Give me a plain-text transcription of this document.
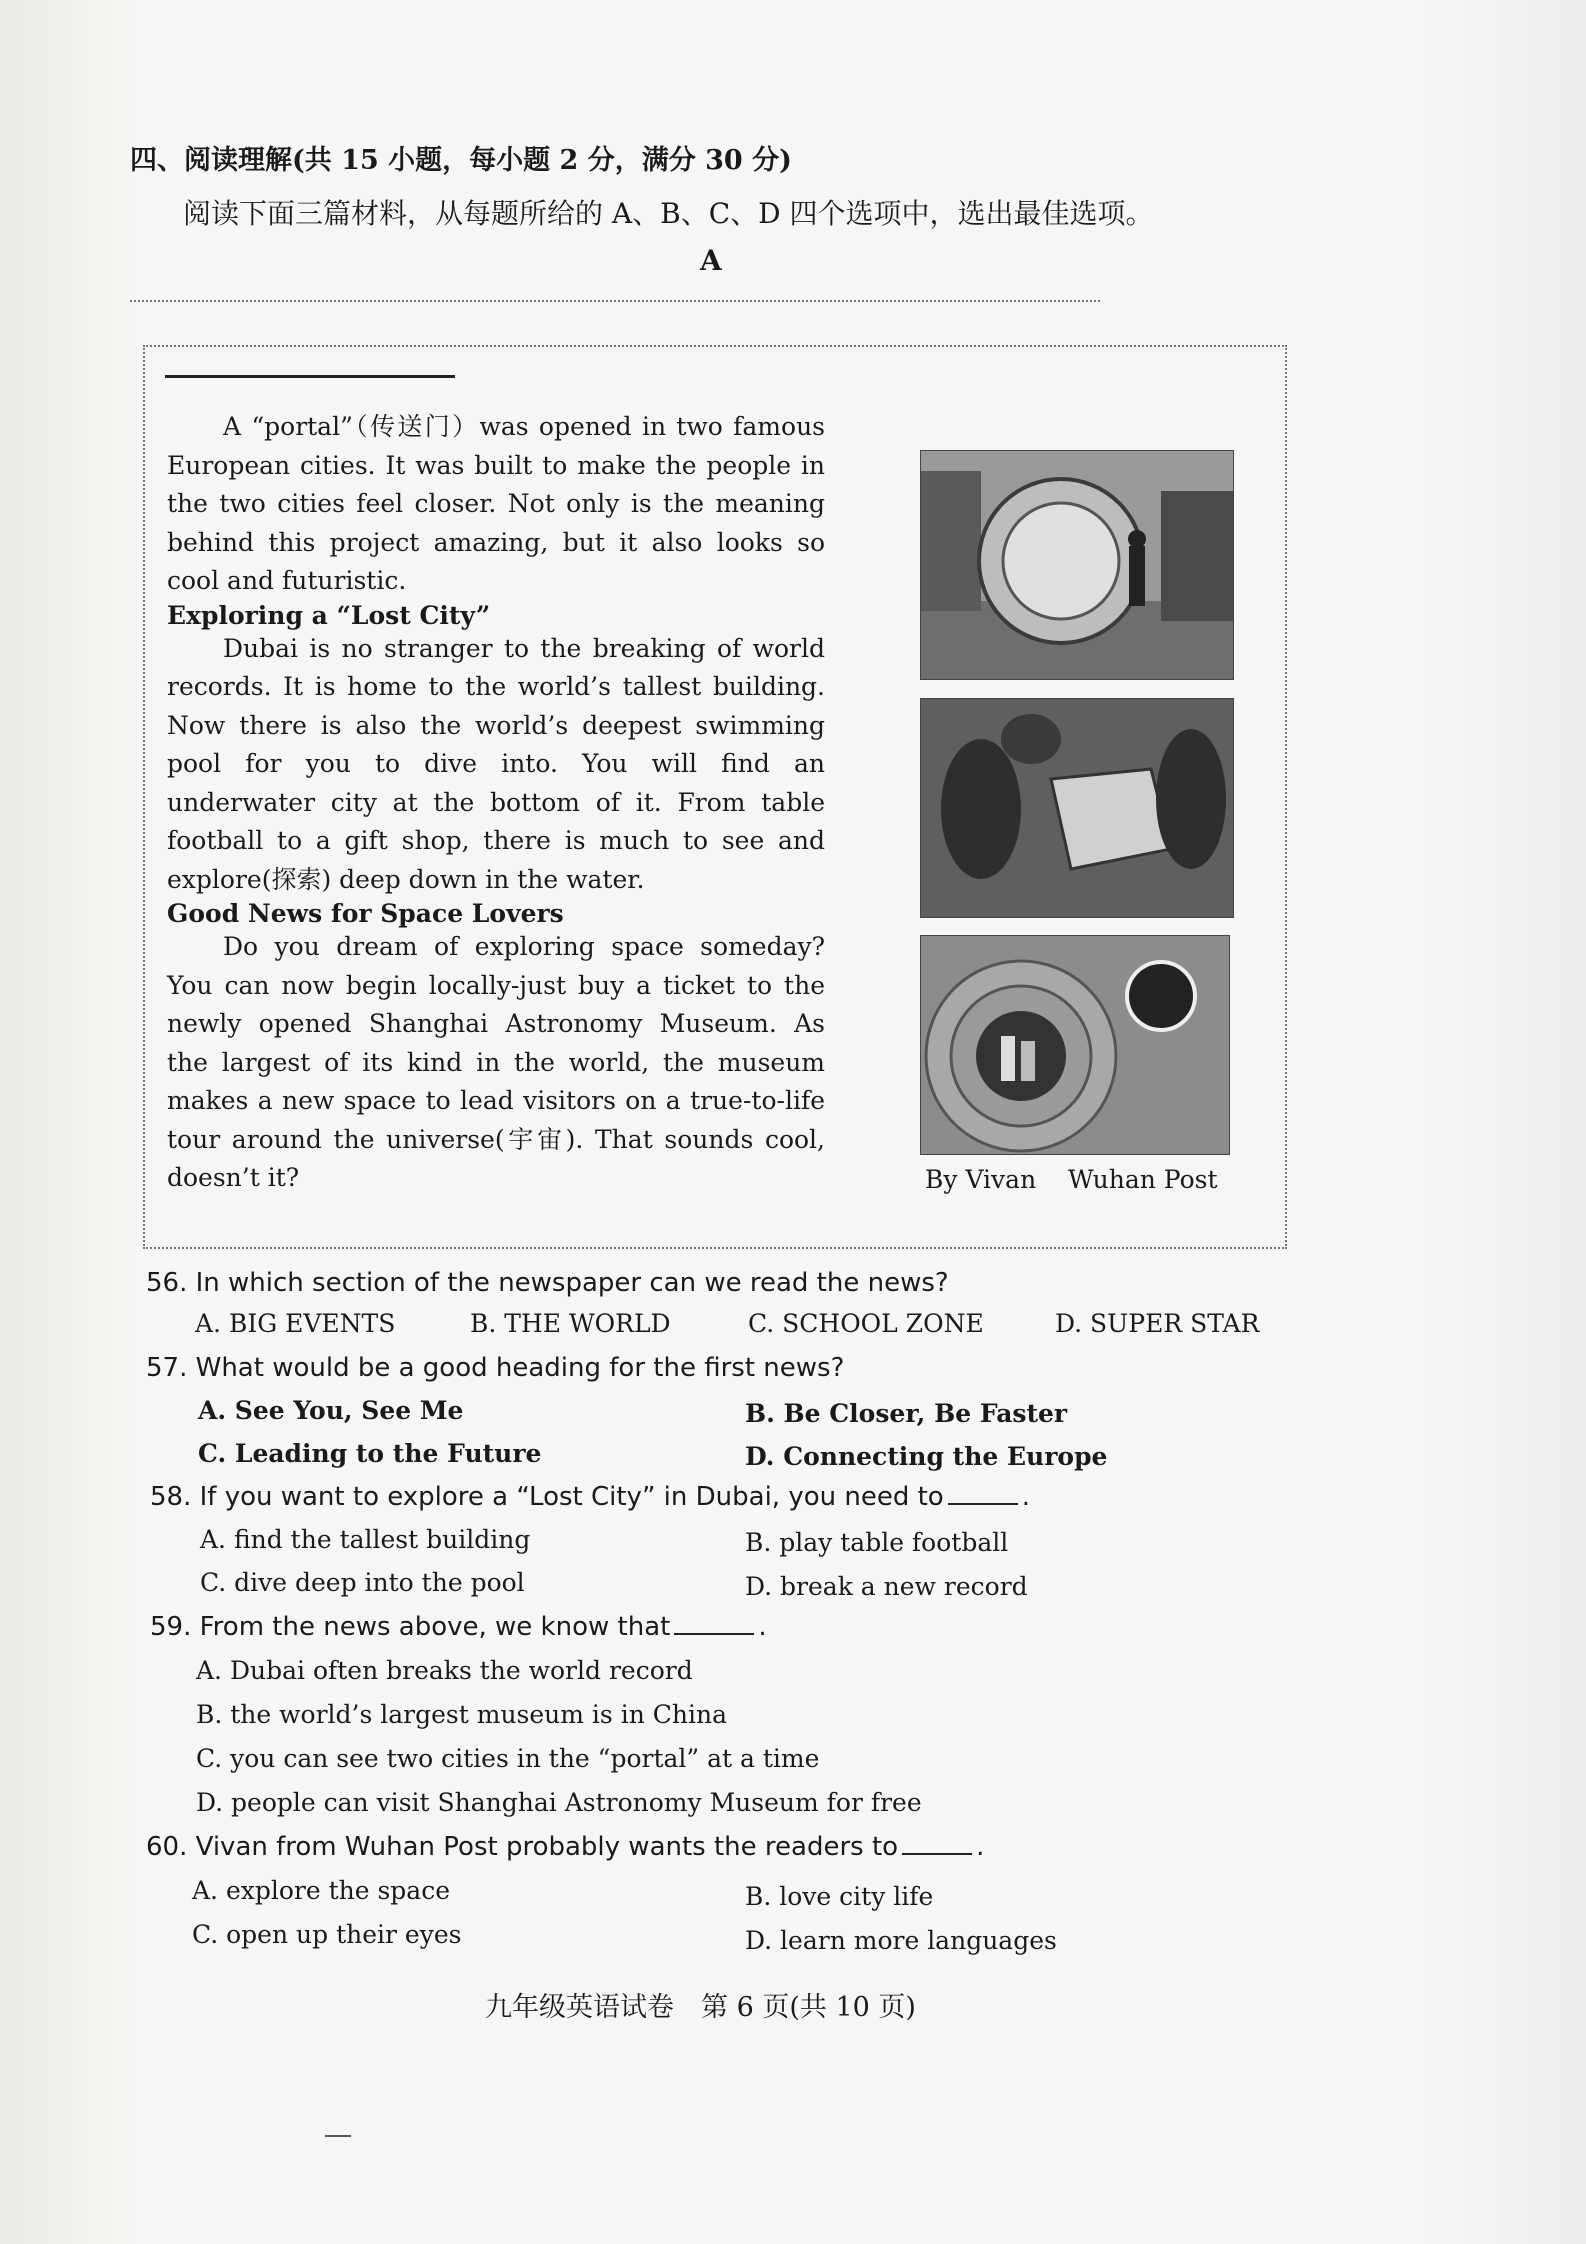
四、阅读理解(共 15 小题，每小题 2 分，满分 30 分)
阅读下面三篇材料，从每题所给的 A、B、C、D 四个选项中，选出最佳选项。
A
A “portal”（传送门）was opened in two famous European cities. It was built to make the people in the two cities feel closer. Not only is the meaning behind this project amazing, but it also looks so cool and futuristic.
Exploring a “Lost City”
Dubai is no stranger to the breaking of world records. It is home to the world’s tallest building. Now there is also the world’s deepest swimming pool for you to dive into. You will find an underwater city at the bottom of it. From table football to a gift shop, there is much to see and explore(探索) deep down in the water.
Good News for Space Lovers
Do you dream of exploring space someday? You can now begin locally-just buy a ticket to the newly opened Shanghai Astronomy Museum. As the largest of its kind in the world, the museum makes a new space to lead visitors on a true-to-life tour around the universe(宇宙). That sounds cool, doesn’t it?	By Vivan    Wuhan Post
56. In which section of the newspaper can we read the news?
A. BIG EVENTS	B. THE WORLD	C. SCHOOL ZONE	D. SUPER STAR
57. What would be a good heading for the first news?
A. See You, See Me	B. Be Closer, Be Faster
C. Leading to the Future	D. Connecting the Europe
58. If you want to explore a “Lost City” in Dubai, you need to	.
A. find the tallest building	B. play table football
C. dive deep into the pool	D. break a new record
59. From the news above, we know that	.
A. Dubai often breaks the world record
B. the world’s largest museum is in China
C. you can see two cities in the “portal” at a time
D. people can visit Shanghai Astronomy Museum for free
60. Vivan from Wuhan Post probably wants the readers to	.
A. explore the space	B. love city life
C. open up their eyes	D. learn more languages
九年级英语试卷　第 6 页(共 10 页)
